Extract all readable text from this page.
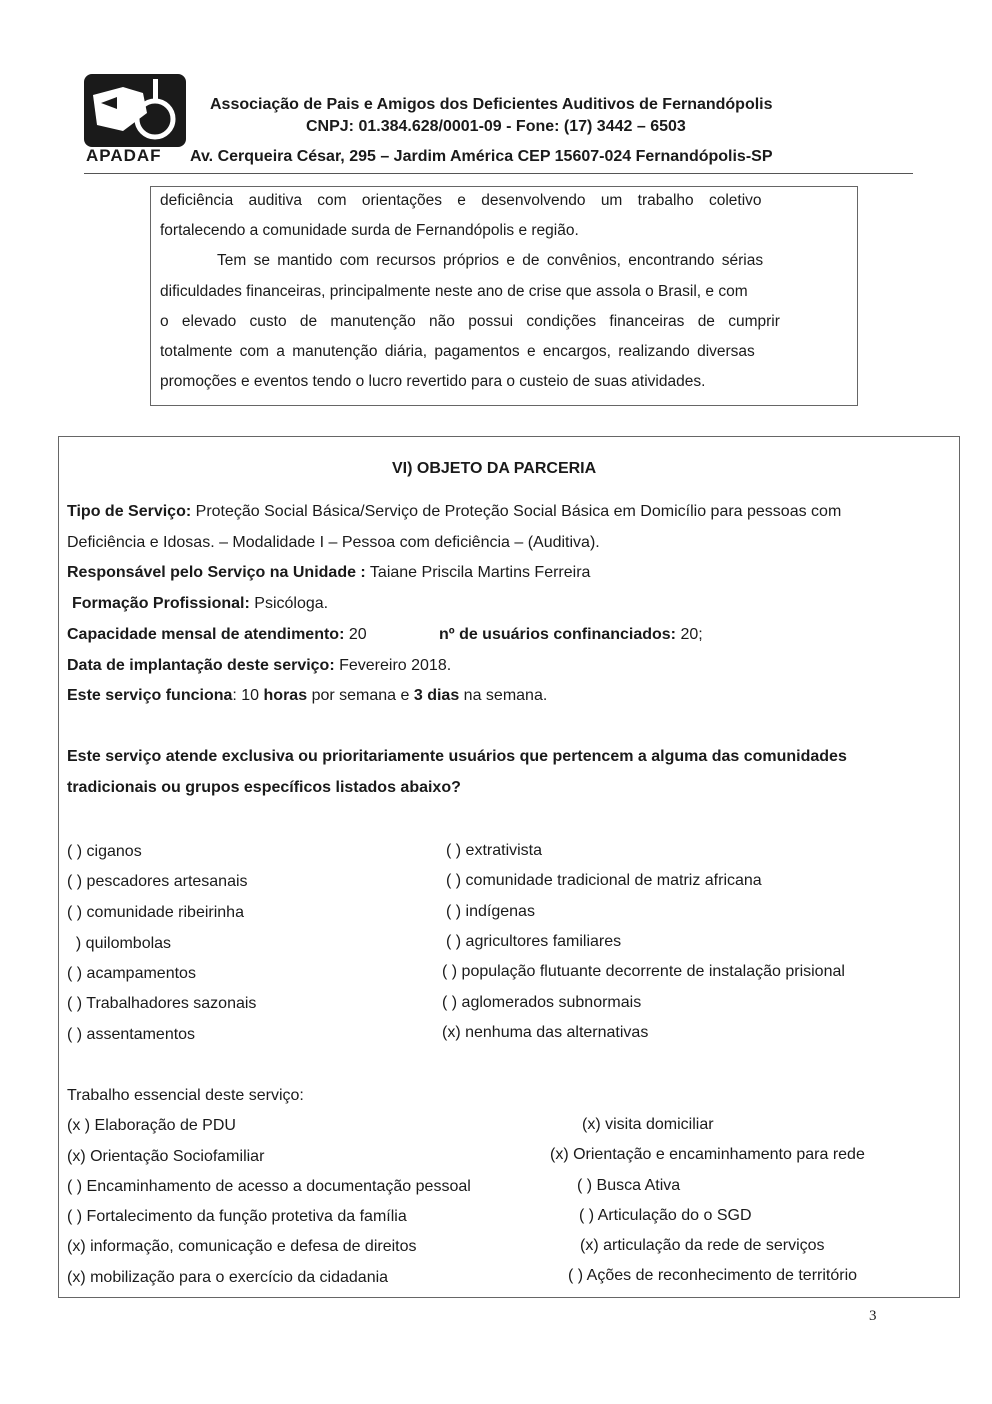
APADAF
Associação de Pais e Amigos dos Deficientes Auditivos de Fernandópolis
CNPJ: 01.384.628/0001-09 - Fone: (17) 3442 – 6503
Av. Cerqueira César, 295 – Jardim América CEP 15607-024 Fernandópolis-SP
deficiência auditiva com orientações e desenvolvendo um trabalho coletivo
fortalecendo a comunidade surda de Fernandópolis e região.
Tem se mantido com recursos próprios e de convênios, encontrando sérias
dificuldades financeiras, principalmente neste ano de crise que assola o Brasil, e com
o elevado custo de manutenção não possui condições financeiras de cumprir
totalmente com a manutenção diária, pagamentos e encargos, realizando diversas
promoções e eventos tendo o lucro revertido para o custeio de suas atividades.
VI) OBJETO DA PARCERIA
Tipo de Serviço: Proteção Social Básica/Serviço de Proteção Social Básica em Domicílio para pessoas com
Deficiência e Idosas. – Modalidade I – Pessoa com deficiência – (Auditiva).
Responsável pelo Serviço na Unidade : Taiane Priscila Martins Ferreira
Formação Profissional: Psicóloga.
Capacidade mensal de atendimento: 20	nº de usuários confinanciados: 20;
Data de implantação deste serviço: Fevereiro 2018.
Este serviço funciona: 10 horas por semana e 3 dias na semana.
Este serviço atende exclusiva ou prioritariamente usuários que pertencem a alguma das comunidades
tradicionais ou grupos específicos listados abaixo?
( ) ciganos
( ) pescadores artesanais
( ) comunidade ribeirinha
) quilombolas
( ) acampamentos
( ) Trabalhadores sazonais
( ) assentamentos
( ) extrativista
( ) comunidade tradicional de matriz africana
( ) indígenas
( ) agricultores familiares
( ) população flutuante decorrente de instalação prisional
( ) aglomerados subnormais
(x) nenhuma das alternativas
Trabalho essencial deste serviço:
(x ) Elaboração de PDU
(x) Orientação Sociofamiliar
( ) Encaminhamento de acesso a documentação pessoal
( ) Fortalecimento da função protetiva da família
(x) informação, comunicação e defesa de direitos
(x) mobilização para o exercício da cidadania
(x) visita domiciliar
(x) Orientação e encaminhamento para rede
( ) Busca Ativa
( ) Articulação do o SGD
(x) articulação da rede de serviços
( ) Ações de reconhecimento de território
3
